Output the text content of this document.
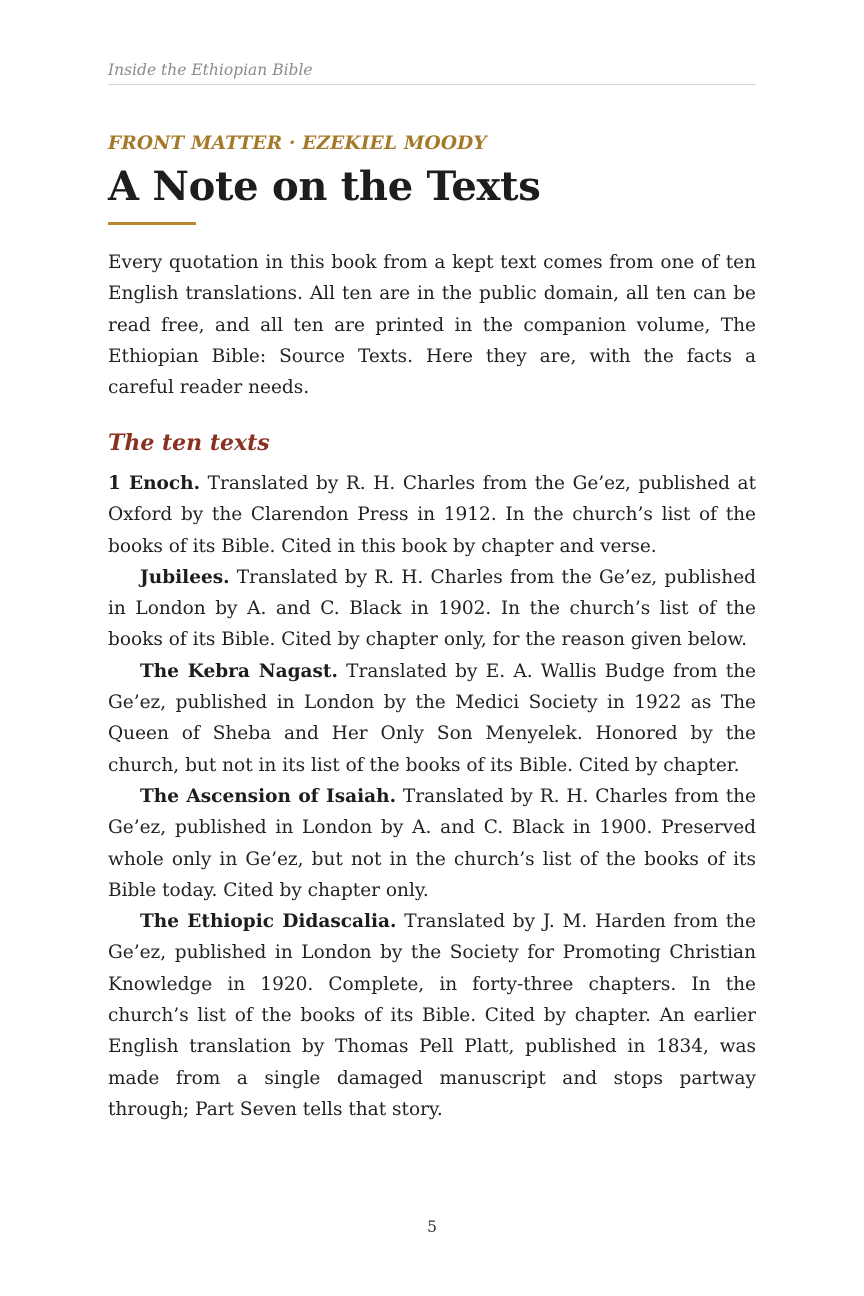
Inside the Ethiopian Bible
FRONT MATTER · EZEKIEL MOODY
A Note on the Texts

Every quotation in this book from a kept text comes from one of ten English translations. All ten are in the public domain, all ten can be read free, and all ten are printed in the companion volume, The Ethiopian Bible: Source Texts. Here they are, with the facts a careful reader needs.

The ten texts

1 Enoch. Translated by R. H. Charles from the Ge’ez, published at Oxford by the Clarendon Press in 1912. In the church’s list of the books of its Bible. Cited in this book by chapter and verse.

Jubilees. Translated by R. H. Charles from the Ge’ez, published in London by A. and C. Black in 1902. In the church’s list of the books of its Bible. Cited by chapter only, for the reason given below.

The Kebra Nagast. Translated by E. A. Wallis Budge from the Ge’ez, published in London by the Medici Society in 1922 as The Queen of Sheba and Her Only Son Menyelek. Honored by the church, but not in its list of the books of its Bible. Cited by chapter.

The Ascension of Isaiah. Translated by R. H. Charles from the Ge’ez, published in London by A. and C. Black in 1900. Preserved whole only in Ge’ez, but not in the church’s list of the books of its Bible today. Cited by chapter only.

The Ethiopic Didascalia. Translated by J. M. Harden from the Ge’ez, published in London by the Society for Promoting Christian Knowledge in 1920. Complete, in forty-three chapters. In the church’s list of the books of its Bible. Cited by chapter. An earlier English translation by Thomas Pell Platt, published in 1834, was made from a single damaged manuscript and stops partway through; Part Seven tells that story.

5
